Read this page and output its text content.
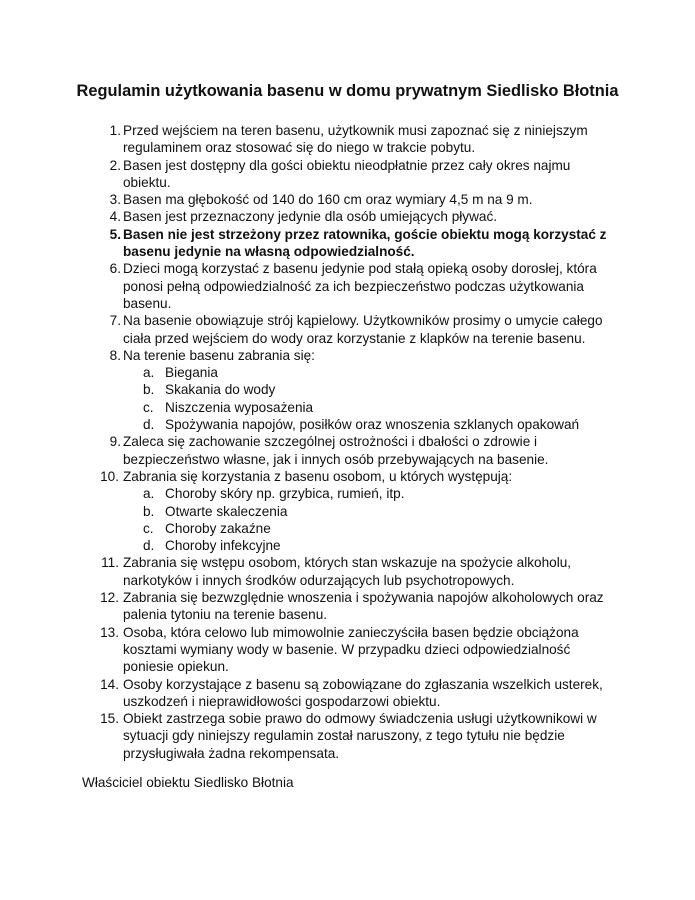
Regulamin użytkowania basenu w domu prywatnym Siedlisko Błotnia
1. Przed wejściem na teren basenu, użytkownik musi zapoznać się z niniejszym regulaminem oraz stosować się do niego w trakcie pobytu.
2. Basen jest dostępny dla gości obiektu nieodpłatnie przez cały okres najmu obiektu.
3. Basen ma głębokość od 140 do 160 cm oraz wymiary 4,5 m na 9 m.
4. Basen jest przeznaczony jedynie dla osób umiejących pływać.
5. Basen nie jest strzeżony przez ratownika, goście obiektu mogą korzystać z basenu jedynie na własną odpowiedzialność.
6. Dzieci mogą korzystać z basenu jedynie pod stałą opieką osoby dorosłej, która ponosi pełną odpowiedzialność za ich bezpieczeństwo podczas użytkowania basenu.
7. Na basenie obowiązuje strój kąpielowy. Użytkowników prosimy o umycie całego ciała przed wejściem do wody oraz korzystanie z klapków na terenie basenu.
8. Na terenie basenu zabrania się:
a. Biegania
b. Skakania do wody
c. Niszczenia wyposażenia
d. Spożywania napojów, posiłków oraz wnoszenia szklanych opakowań
9. Zaleca się zachowanie szczególnej ostrożności i dbałości o zdrowie i bezpieczeństwo własne, jak i innych osób przebywających na basenie.
10. Zabrania się korzystania z basenu osobom, u których występują:
a. Choroby skóry np. grzybica, rumień, itp.
b. Otwarte skaleczenia
c. Choroby zakaźne
d. Choroby infekcyjne
11. Zabrania się wstępu osobom, których stan wskazuje na spożycie alkoholu, narkotyków i innych środków odurzających lub psychotropowych.
12. Zabrania się bezwzględnie wnoszenia i spożywania napojów alkoholowych oraz palenia tytoniu na terenie basenu.
13. Osoba, która celowo lub mimowolnie zanieczyściła basen będzie obciążona kosztami wymiany wody w basenie. W przypadku dzieci odpowiedzialność poniesie opiekun.
14. Osoby korzystające z basenu są zobowiązane do zgłaszania wszelkich usterek, uszkodzeń i nieprawidłowości gospodarzowi obiektu.
15. Obiekt zastrzega sobie prawo do odmowy świadczenia usługi użytkownikowi w sytuacji gdy niniejszy regulamin został naruszony, z tego tytułu nie będzie przysługiwała żadna rekompensata.
Właściciel obiektu Siedlisko Błotnia
